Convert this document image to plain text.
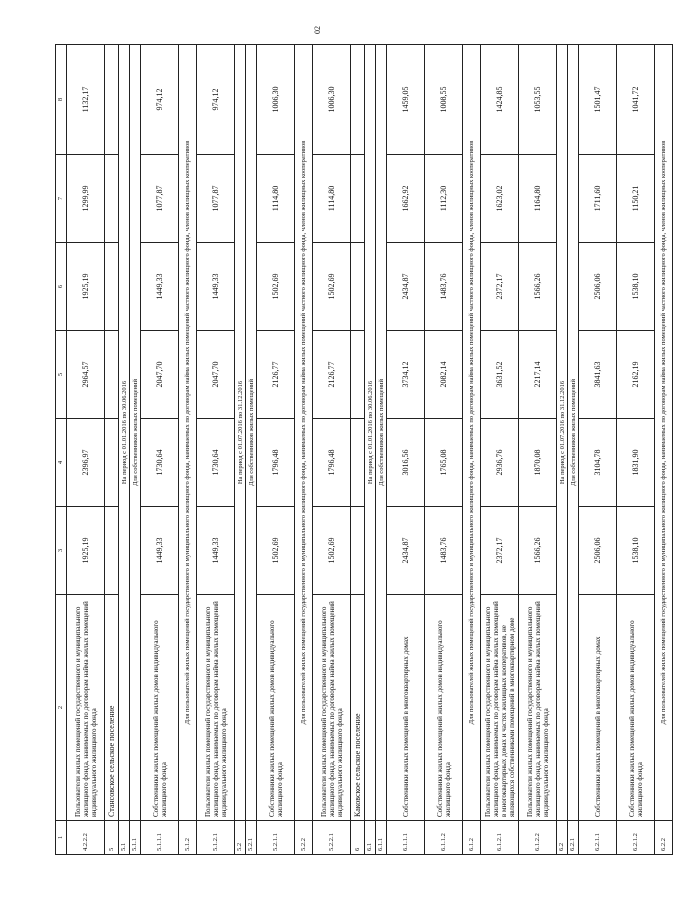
02
1	2	3	4	5	6	7	8
4.2.2.2	Пользователи жилых помещений государственного и муниципального жилищного фонда, нанимаемых по договорам найма жилых помещений индивидуального жилищного фонда	1925,19	2396,97	2964,57	1925,19	1299,99	1132,17
5	Стансовское сельское поселение						
5.1	На период с 01.01.2016 по 30.06.2016						
5.1.1	Для собственников жилых помещений						
5.1.1.1	Собственники жилых помещений жилых домов индивидуального жилищного фонда	1449,33	1730,64	2047,70	1449,33	1077,87	974,12
5.1.2	Для пользователей жилых помещений государственного и муниципального жилищного фонда, нанимаемых по договорам найма жилых помещений частного жилищного фонда, членов жилищных кооперативов						
5.1.2.1	Пользователи жилых помещений государственного и муниципального жилищного фонда, нанимаемых по договорам найма жилых помещений индивидуального жилищного фонда	1449,33	1730,64	2047,70	1449,33	1077,87	974,12
5.2	На период с 01.07.2016 по 31.12.2016						
5.2.1	Для собственников жилых помещений						
5.2.1.1	Собственники жилых помещений жилых домов индивидуального жилищного фонда	1502,69	1796,48	2126,77	1502,69	1114,80	1006,30
5.2.2	Для пользователей жилых помещений государственного и муниципального жилищного фонда, нанимаемых по договорам найма жилых помещений частного жилищного фонда, членов жилищных кооперативов						
5.2.2.1	Пользователи жилых помещений государственного и муниципального жилищного фонда, нанимаемых по договорам найма жилых помещений индивидуального жилищного фонда	1502,69	1796,48	2126,77	1502,69	1114,80	1006,30
6	Каковское сельское поселение						
6.1	На период с 01.01.2016 по 30.06.2016						
6.1.1	Для собственников жилых помещений						
6.1.1.1	Собственники жилых помещений в многоквартирных домах	2434,87	3016,56	3734,12	2434,87	1662,92	1459,05
6.1.1.2	Собственники жилых помещений жилых домов индивидуального жилищного фонда	1483,76	1765,08	2082,14	1483,76	1112,30	1008,55
6.1.2	Для пользователей жилых помещений государственного и муниципального жилищного фонда, нанимаемых по договорам найма жилых помещений частного жилищного фонда, членов жилищных кооперативов						
6.1.2.1	Пользователи жилых помещений государственного и муниципального жилищного фонда, нанимаемых по договорам найма жилых помещений в многоквартирных домах и частях жилищных кооперативов, не являющихся собственниками помещений в многоквартирном доме	2372,17	2936,76	3631,52	2372,17	1623,02	1424,85
6.1.2.2	Пользователи жилых помещений государственного и муниципального жилищного фонда, нанимаемых по договорам найма жилых помещений индивидуального жилищного фонда	1566,26	1870,08	2217,14	1566,26	1164,80	1053,55
6.2	На период с 01.07.2016 по 31.12.2016						
6.2.1	Для собственников жилых помещений						
6.2.1.1	Собственники жилых помещений в многоквартирных домах	2506,06	3104,78	3841,63	2506,06	1711,60	1501,47
6.2.1.2	Собственники жилых помещений жилых домов индивидуального жилищного фонда	1538,10	1831,90	2162,19	1538,10	1150,21	1041,72
6.2.2	Для пользователей жилых помещений государственного и муниципального жилищного фонда, нанимаемых по договорам найма жилых помещений частного жилищного фонда, членов жилищных кооперативов						
